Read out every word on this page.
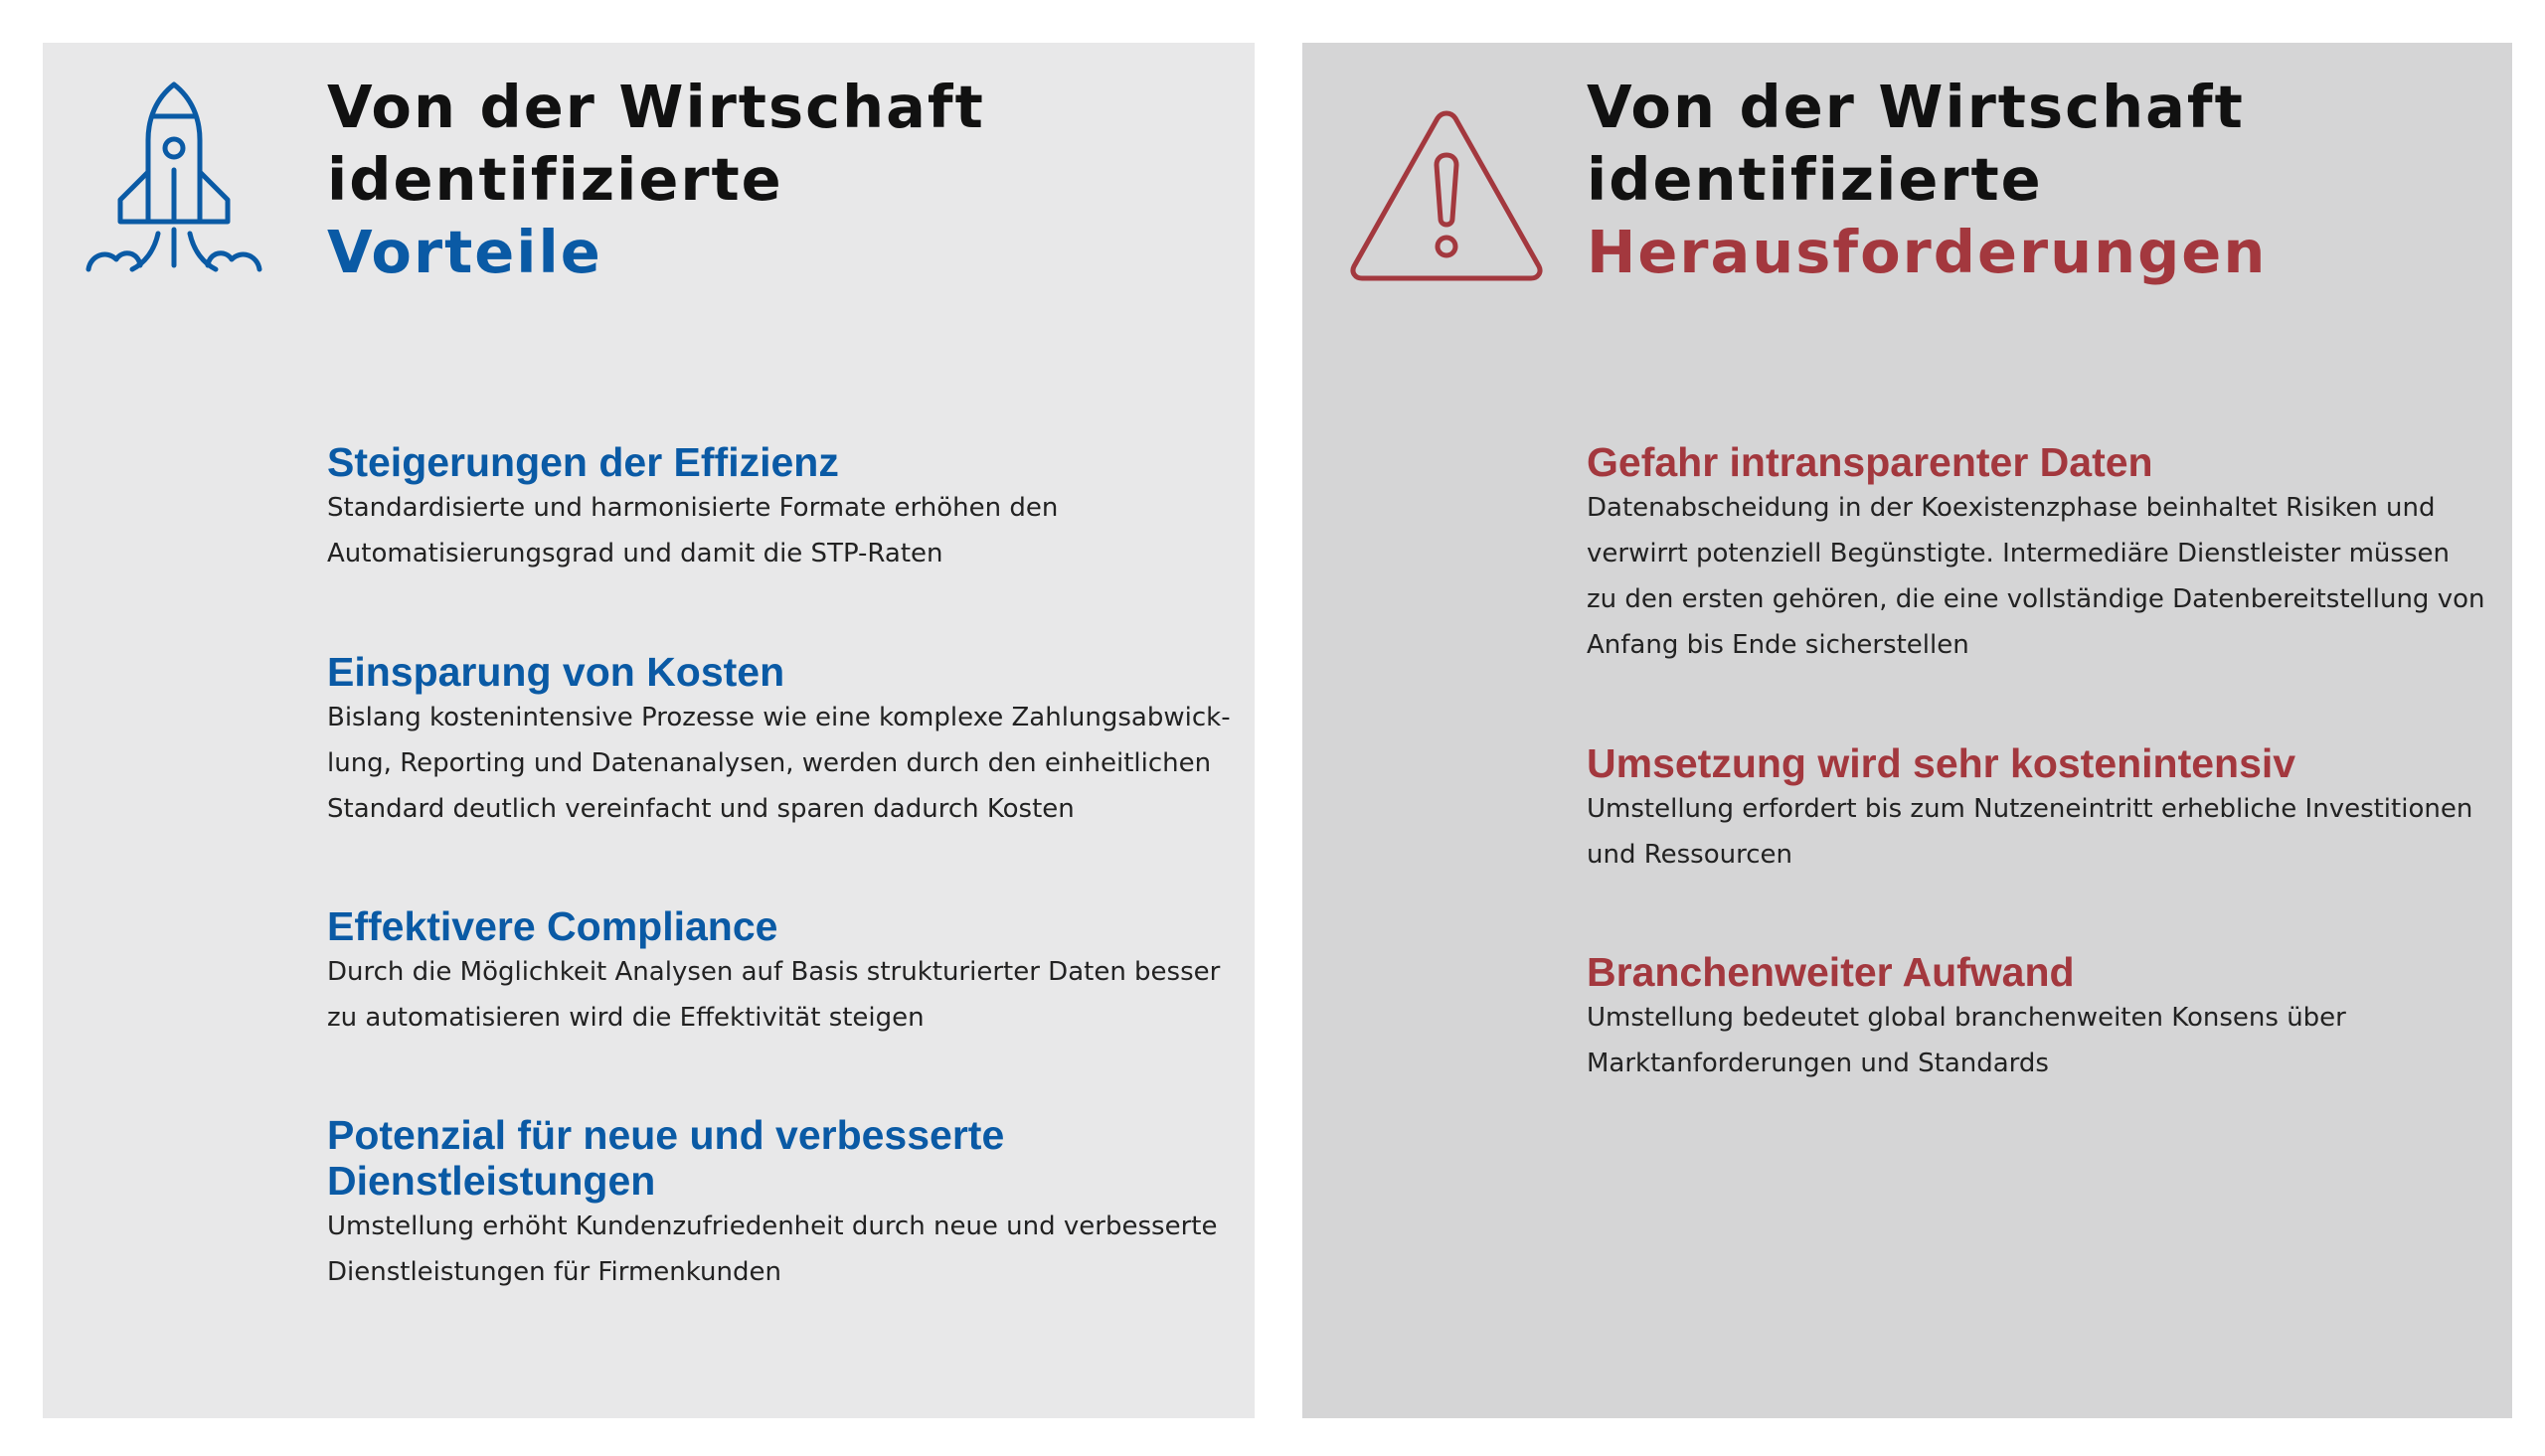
Von der Wirtschaft
identifizierte
Vorteile
Steigerungen der Effizienz

Standardisierte und harmonisierte Formate erhöhen den
Automatisierungsgrad und damit die STP-Raten

Einsparung von Kosten

Bislang kostenintensive Prozesse wie eine komplexe Zahlungsabwick-
lung, Reporting und Datenanalysen, werden durch den einheitlichen
Standard deutlich vereinfacht und sparen dadurch Kosten

Effektivere Compliance

Durch die Möglichkeit Analysen auf Basis strukturierter Daten besser
zu automatisieren wird die Effektivität steigen

Potenzial für neue und verbesserte
Dienstleistungen

Umstellung erhöht Kundenzufriedenheit durch neue und verbesserte
Dienstleistungen für Firmenkunden

Von der Wirtschaft
identifizierte
Herausforderungen
Gefahr intransparenter Daten

Datenabscheidung in der Koexistenzphase beinhaltet Risiken und
verwirrt potenziell Begünstigte. Intermediäre Dienstleister müssen
zu den ersten gehören, die eine vollständige Datenbereitstellung von
Anfang bis Ende sicherstellen

Umsetzung wird sehr kostenintensiv

Umstellung erfordert bis zum Nutzeneintritt erhebliche Investitionen
und Ressourcen

Branchenweiter Aufwand

Umstellung bedeutet global branchenweiten Konsens über
Marktanforderungen und Standards
